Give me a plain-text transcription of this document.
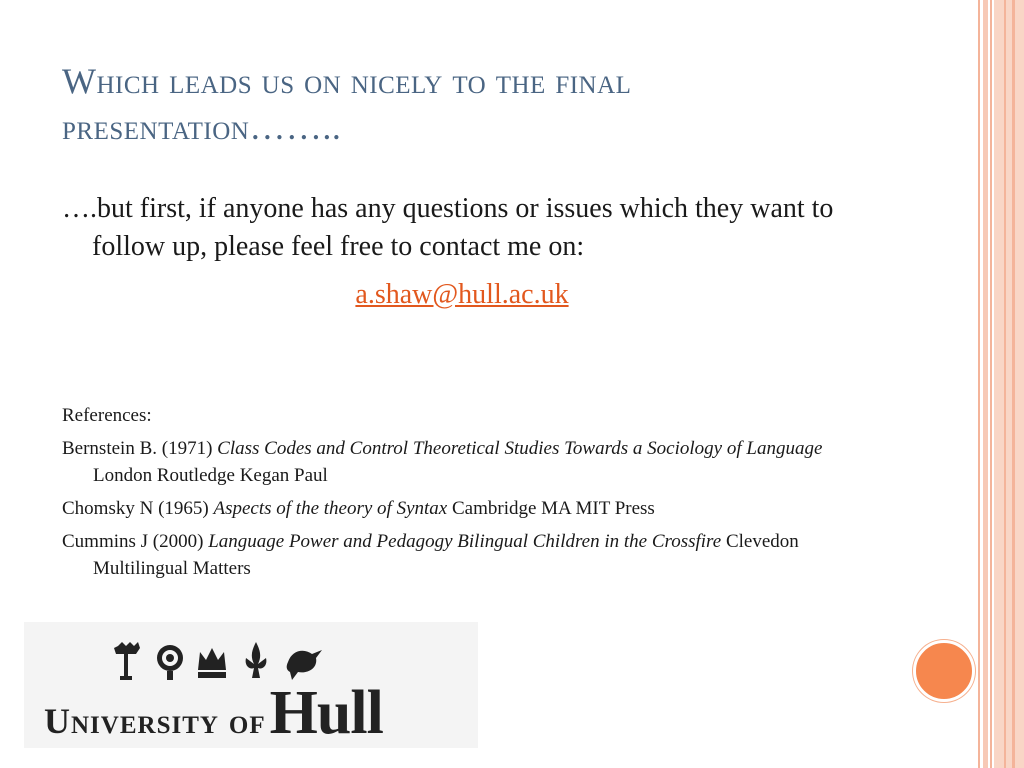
Which leads us on nicely to the final presentation……..
….but first, if anyone has any questions or issues which they want to follow up, please feel free to contact me on:
a.shaw@hull.ac.uk
References:
Bernstein B. (1971) Class Codes and Control Theoretical Studies Towards a Sociology of Language London Routledge Kegan Paul
Chomsky N (1965) Aspects of the theory of Syntax Cambridge MA MIT Press
Cummins J (2000) Language Power and Pedagogy Bilingual Children in the Crossfire Clevedon Multilingual Matters
University ofHull
